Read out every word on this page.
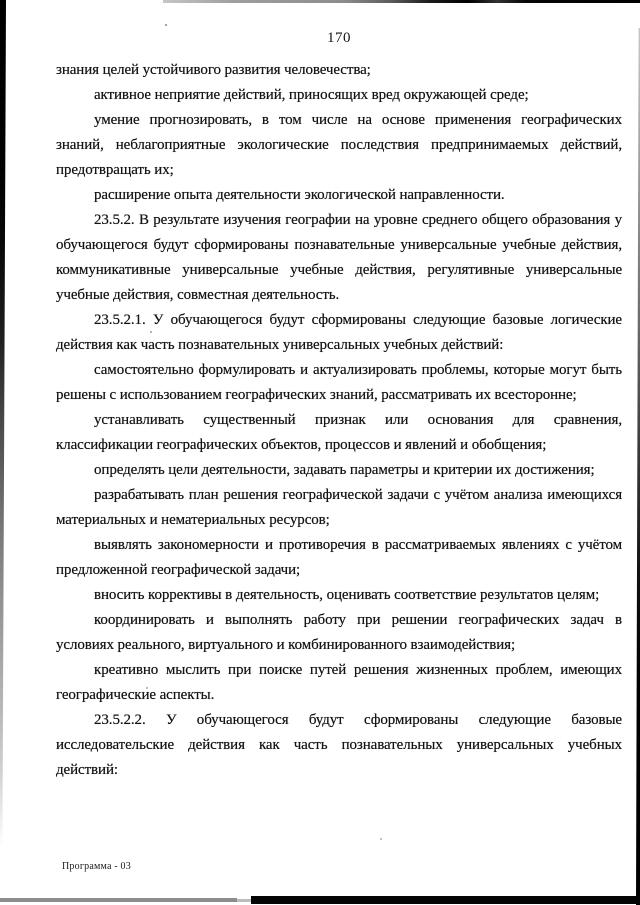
170

знания целей устойчивого развития человечества;

активное неприятие действий, приносящих вред окружающей среде;

умение прогнозировать, в том числе на основе применения географических знаний, неблагоприятные экологические последствия предпринимаемых действий, предотвращать их;

расширение опыта деятельности экологической направленности.

23.5.2. В результате изучения географии на уровне среднего общего образования у обучающегося будут сформированы познавательные универсальные учебные действия, коммуникативные универсальные учебные действия, регулятивные универсальные учебные действия, совместная деятельность.

23.5.2.1. У обучающегося будут сформированы следующие базовые логические действия как часть познавательных универсальных учебных действий:

самостоятельно формулировать и актуализировать проблемы, которые могут быть решены с использованием географических знаний, рассматривать их всесторонне;

устанавливать существенный признак или основания для сравнения, классификации географических объектов, процессов и явлений и обобщения;

определять цели деятельности, задавать параметры и критерии их достижения;

разрабатывать план решения географической задачи с учётом анализа имеющихся материальных и нематериальных ресурсов;

выявлять закономерности и противоречия в рассматриваемых явлениях с учётом предложенной географической задачи;

вносить коррективы в деятельность, оценивать соответствие результатов целям;

координировать и выполнять работу при решении географических задач в условиях реального, виртуального и комбинированного взаимодействия;

креативно мыслить при поиске путей решения жизненных проблем, имеющих географические аспекты.

23.5.2.2. У обучающегося будут сформированы следующие базовые исследовательские действия как часть познавательных универсальных учебных действий:

Программа - 03
